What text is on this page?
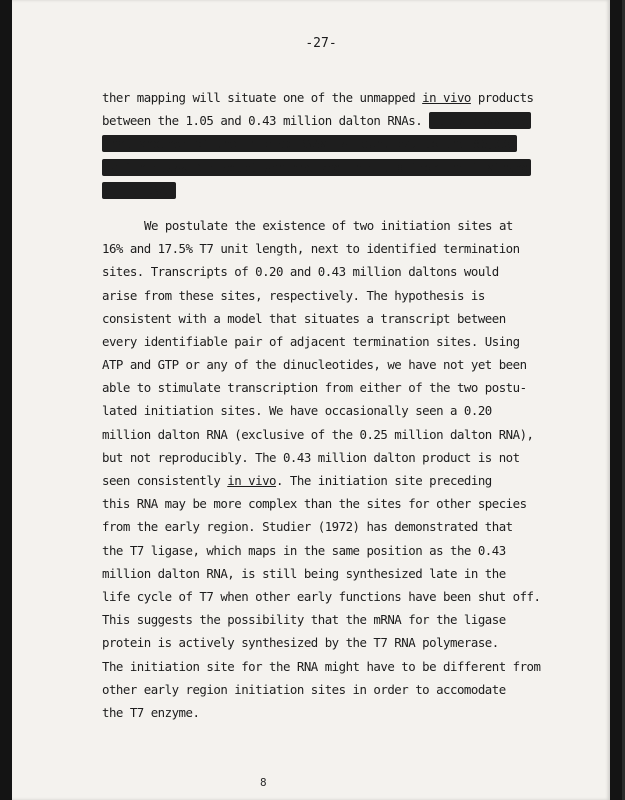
-27-
ther mapping will situate one of the unmapped in vivo products
between the 1.05 and 0.43 million dalton RNAs. It is possible
that another of the in vivo RNAs is identical to the 80,000
dalton class D product synthesized in vitro from the 1-strand
of T7 DNA.
We postulate the existence of two initiation sites at
16% and 17.5% T7 unit length, next to identified termination
sites. Transcripts of 0.20 and 0.43 million daltons would
arise from these sites, respectively. The hypothesis is
consistent with a model that situates a transcript between
every identifiable pair of adjacent termination sites. Using
ATP and GTP or any of the dinucleotides, we have not yet been
able to stimulate transcription from either of the two postu-
lated initiation sites. We have occasionally seen a 0.20
million dalton RNA (exclusive of the 0.25 million dalton RNA),
but not reproducibly. The 0.43 million dalton product is not
seen consistently in vivo. The initiation site preceding
this RNA may be more complex than the sites for other species
from the early region. Studier (1972) has demonstrated that
the T7 ligase, which maps in the same position as the 0.43
million dalton RNA, is still being synthesized late in the
life cycle of T7 when other early functions have been shut off.
This suggests the possibility that the mRNA for the ligase
protein is actively synthesized by the T7 RNA polymerase.
The initiation site for the RNA might have to be different from
other early region initiation sites in order to accomodate
the T7 enzyme.
8
